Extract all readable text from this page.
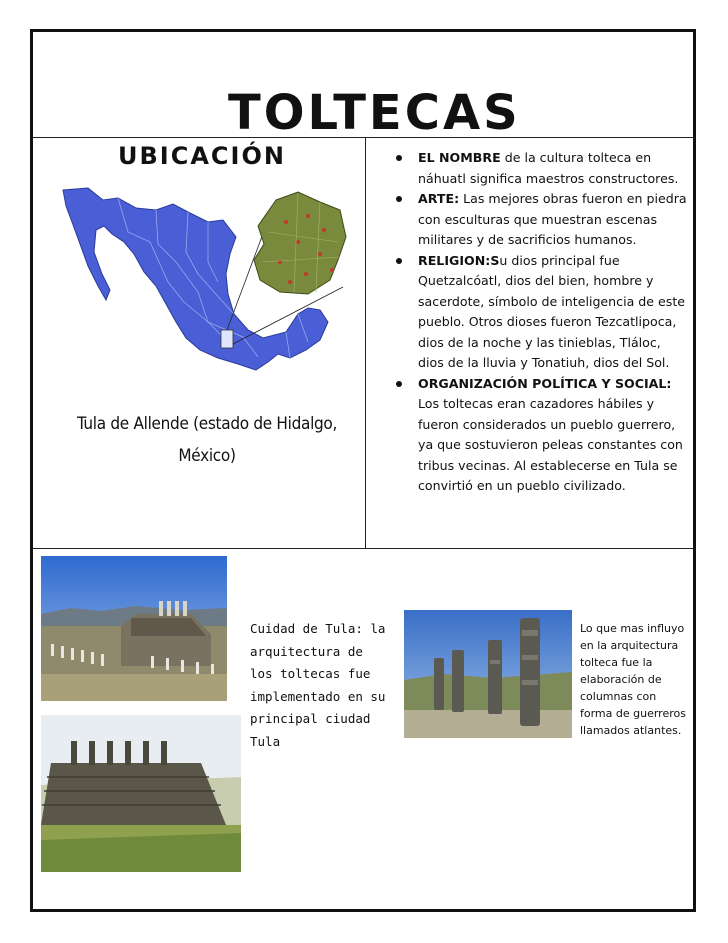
TOLTECAS
UBICACIÓN
Tula de Allende (estado de Hidalgo, México)
EL NOMBRE de la cultura tolteca en náhuatl significa maestros constructores.
ARTE: Las mejores obras fueron en piedra con esculturas que muestran escenas militares y de sacrificios humanos.
RELIGION:Su dios principal fue Quetzalcóatl, dios del bien, hombre y sacerdote, símbolo de inteligencia de este pueblo. Otros dioses fueron Tezcatlipoca, dios de la noche y las tinieblas, Tláloc, dios de la lluvia y Tonatiuh, dios del Sol.
ORGANIZACIÓN POLÍTICA Y SOCIAL: Los toltecas eran cazadores hábiles y fueron considerados un pueblo guerrero, ya que sostuvieron peleas constantes con tribus vecinas. Al establecerse en Tula se convirtió en un pueblo civilizado.
Cuidad de Tula: la arquitectura de los toltecas fue implementado en su principal ciudad Tula
Lo que mas influyo en la arquitectura tolteca fue la elaboración de columnas con forma de guerreros llamados atlantes.
